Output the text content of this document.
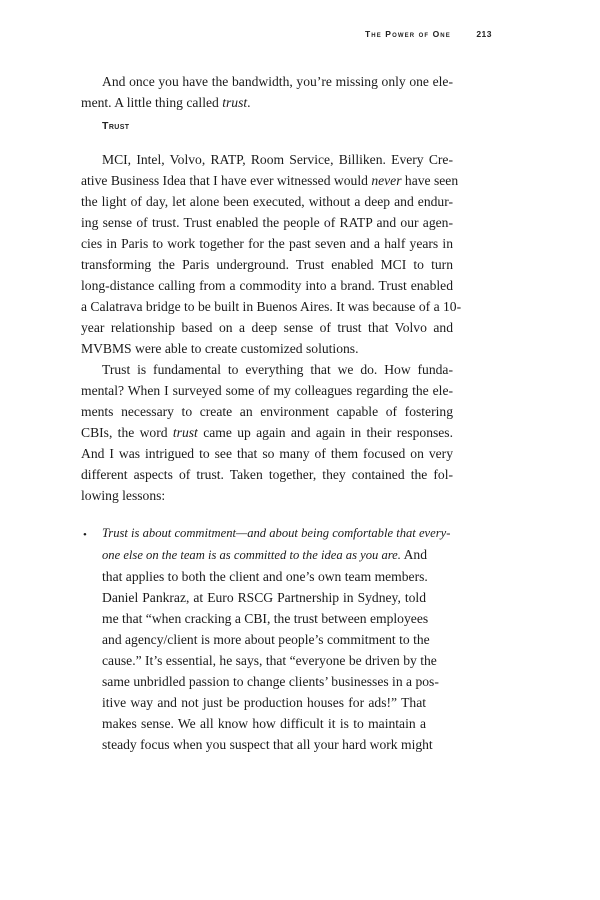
The Power of One	213
And once you have the bandwidth, you’re missing only one ele-
ment. A little thing called trust.
Trust
MCI, Intel, Volvo, RATP, Room Service, Billiken. Every Cre-
ative Business Idea that I have ever witnessed would never have seen
the light of day, let alone been executed, without a deep and endur-
ing sense of trust. Trust enabled the people of RATP and our agen-
cies in Paris to work together for the past seven and a half years in
transforming the Paris underground. Trust enabled MCI to turn
long-distance calling from a commodity into a brand. Trust enabled
a Calatrava bridge to be built in Buenos Aires. It was because of a 10-
year relationship based on a deep sense of trust that Volvo and
MVBMS were able to create customized solutions.
Trust is fundamental to everything that we do. How funda-
mental? When I surveyed some of my colleagues regarding the ele-
ments necessary to create an environment capable of fostering
CBIs, the word trust came up again and again in their responses.
And I was intrigued to see that so many of them focused on very
different aspects of trust. Taken together, they contained the fol-
lowing lessons:
• Trust is about commitment—and about being comfortable that every-
one else on the team is as committed to the idea as you are. And
that applies to both the client and one’s own team members.
Daniel Pankraz, at Euro RSCG Partnership in Sydney, told
me that “when cracking a CBI, the trust between employees
and agency/client is more about people’s commitment to the
cause.” It’s essential, he says, that “everyone be driven by the
same unbridled passion to change clients’ businesses in a pos-
itive way and not just be production houses for ads!” That
makes sense. We all know how difficult it is to maintain a
steady focus when you suspect that all your hard work might
